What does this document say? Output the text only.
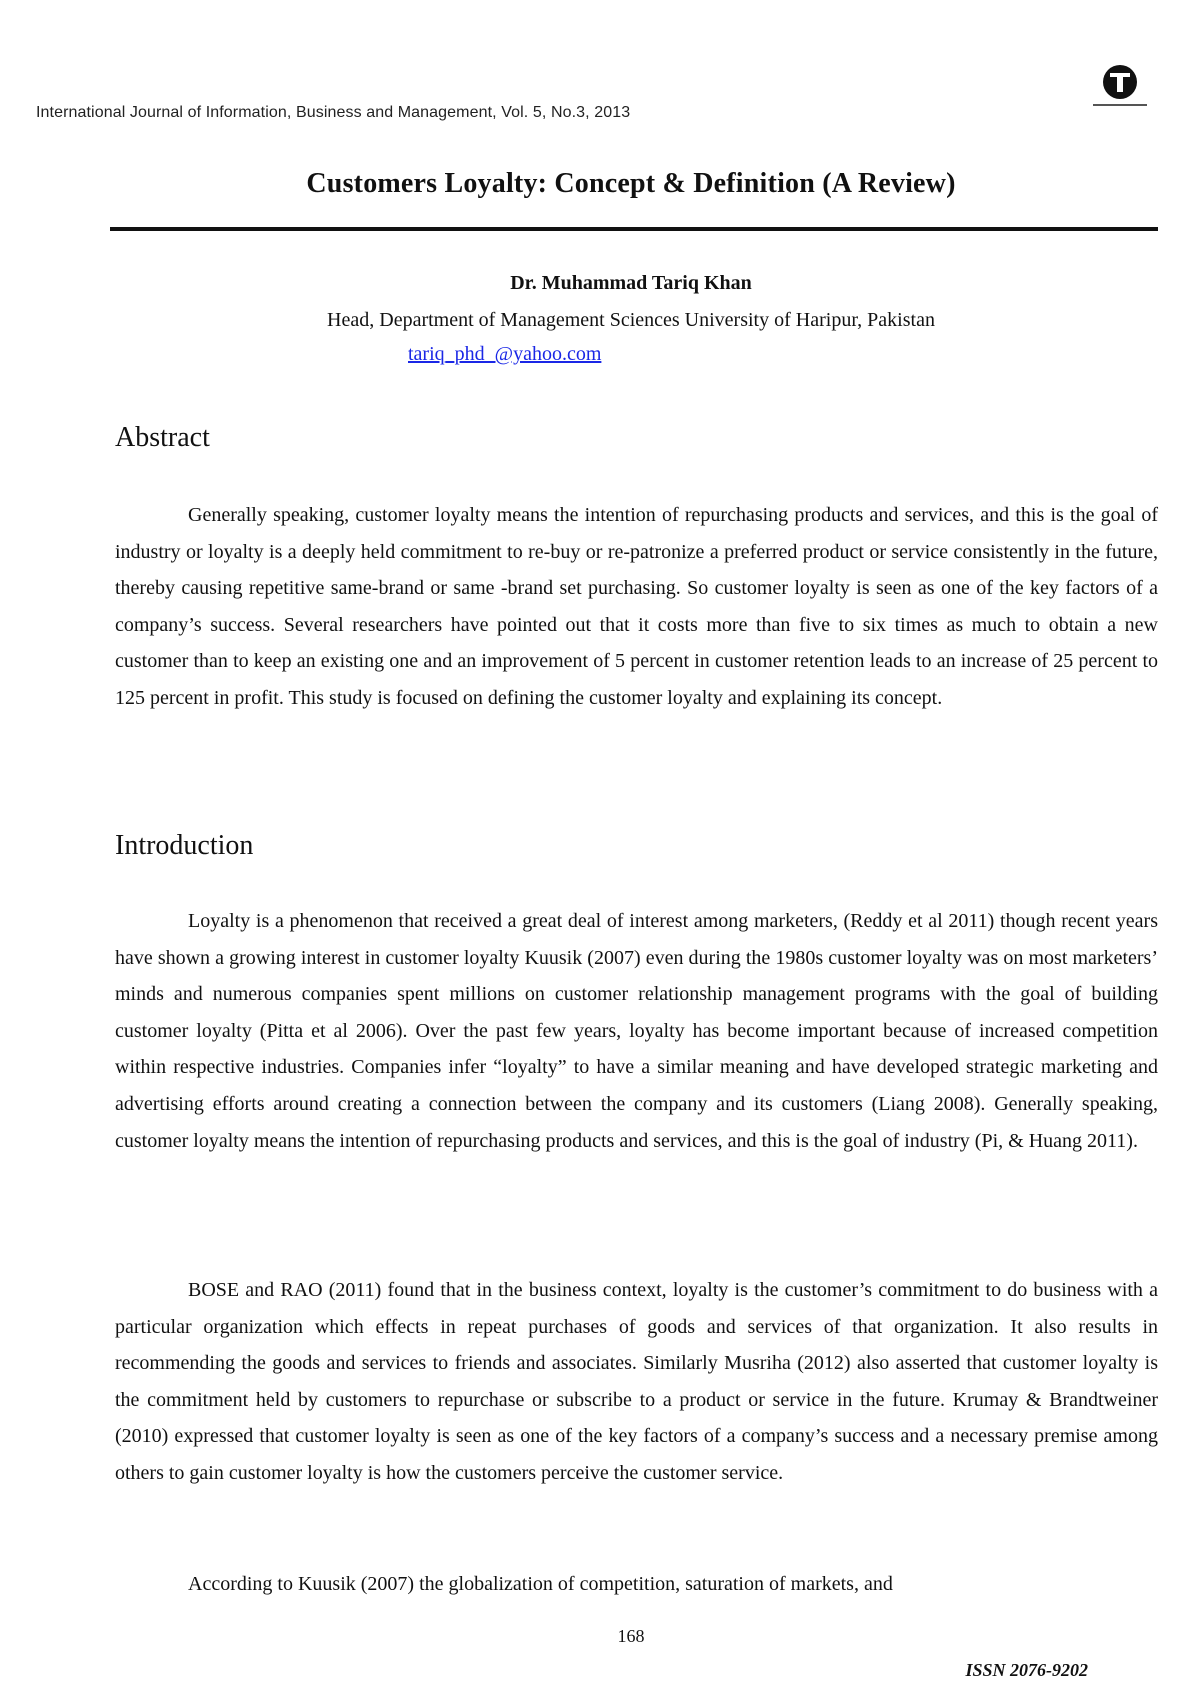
International Journal of Information, Business and Management, Vol. 5, No.3, 2013
Customers Loyalty: Concept & Definition (A Review)
Dr. Muhammad Tariq Khan
Head, Department of Management Sciences University of Haripur, Pakistan
tariq_phd_@yahoo.com
Abstract

Generally speaking, customer loyalty means the intention of repurchasing products and services, and this is the goal of industry or loyalty is a deeply held commitment to re-buy or re-patronize a preferred product or service consistently in the future, thereby causing repetitive same-brand or same -brand set purchasing. So customer loyalty is seen as one of the key factors of a company’s success. Several researchers have pointed out that it costs more than five to six times as much to obtain a new customer than to keep an existing one and an improvement of 5 percent in customer retention leads to an increase of 25 percent to 125 percent in profit. This study is focused on defining the customer loyalty and explaining its concept.

Introduction

Loyalty is a phenomenon that received a great deal of interest among marketers, (Reddy et al 2011) though recent years have shown a growing interest in customer loyalty Kuusik (2007) even during the 1980s customer loyalty was on most marketers’ minds and numerous companies spent millions on customer relationship management programs with the goal of building customer loyalty (Pitta et al 2006). Over the past few years, loyalty has become important because of increased competition within respective industries. Companies infer “loyalty” to have a similar meaning and have developed strategic marketing and advertising efforts around creating a connection between the company and its customers (Liang 2008). Generally speaking, customer loyalty means the intention of repurchasing products and services, and this is the goal of industry (Pi, & Huang 2011).

BOSE and RAO (2011) found that in the business context, loyalty is the customer’s commitment to do business with a particular organization which effects in repeat purchases of goods and services of that organization. It also results in recommending the goods and services to friends and associates. Similarly Musriha (2012) also asserted that customer loyalty is the commitment held by customers to repurchase or subscribe to a product or service in the future. Krumay & Brandtweiner (2010) expressed that customer loyalty is seen as one of the key factors of a company’s success and a necessary premise among others to gain customer loyalty is how the customers perceive the customer service.

According to Kuusik (2007) the globalization of competition, saturation of markets, and

168
ISSN 2076-9202
